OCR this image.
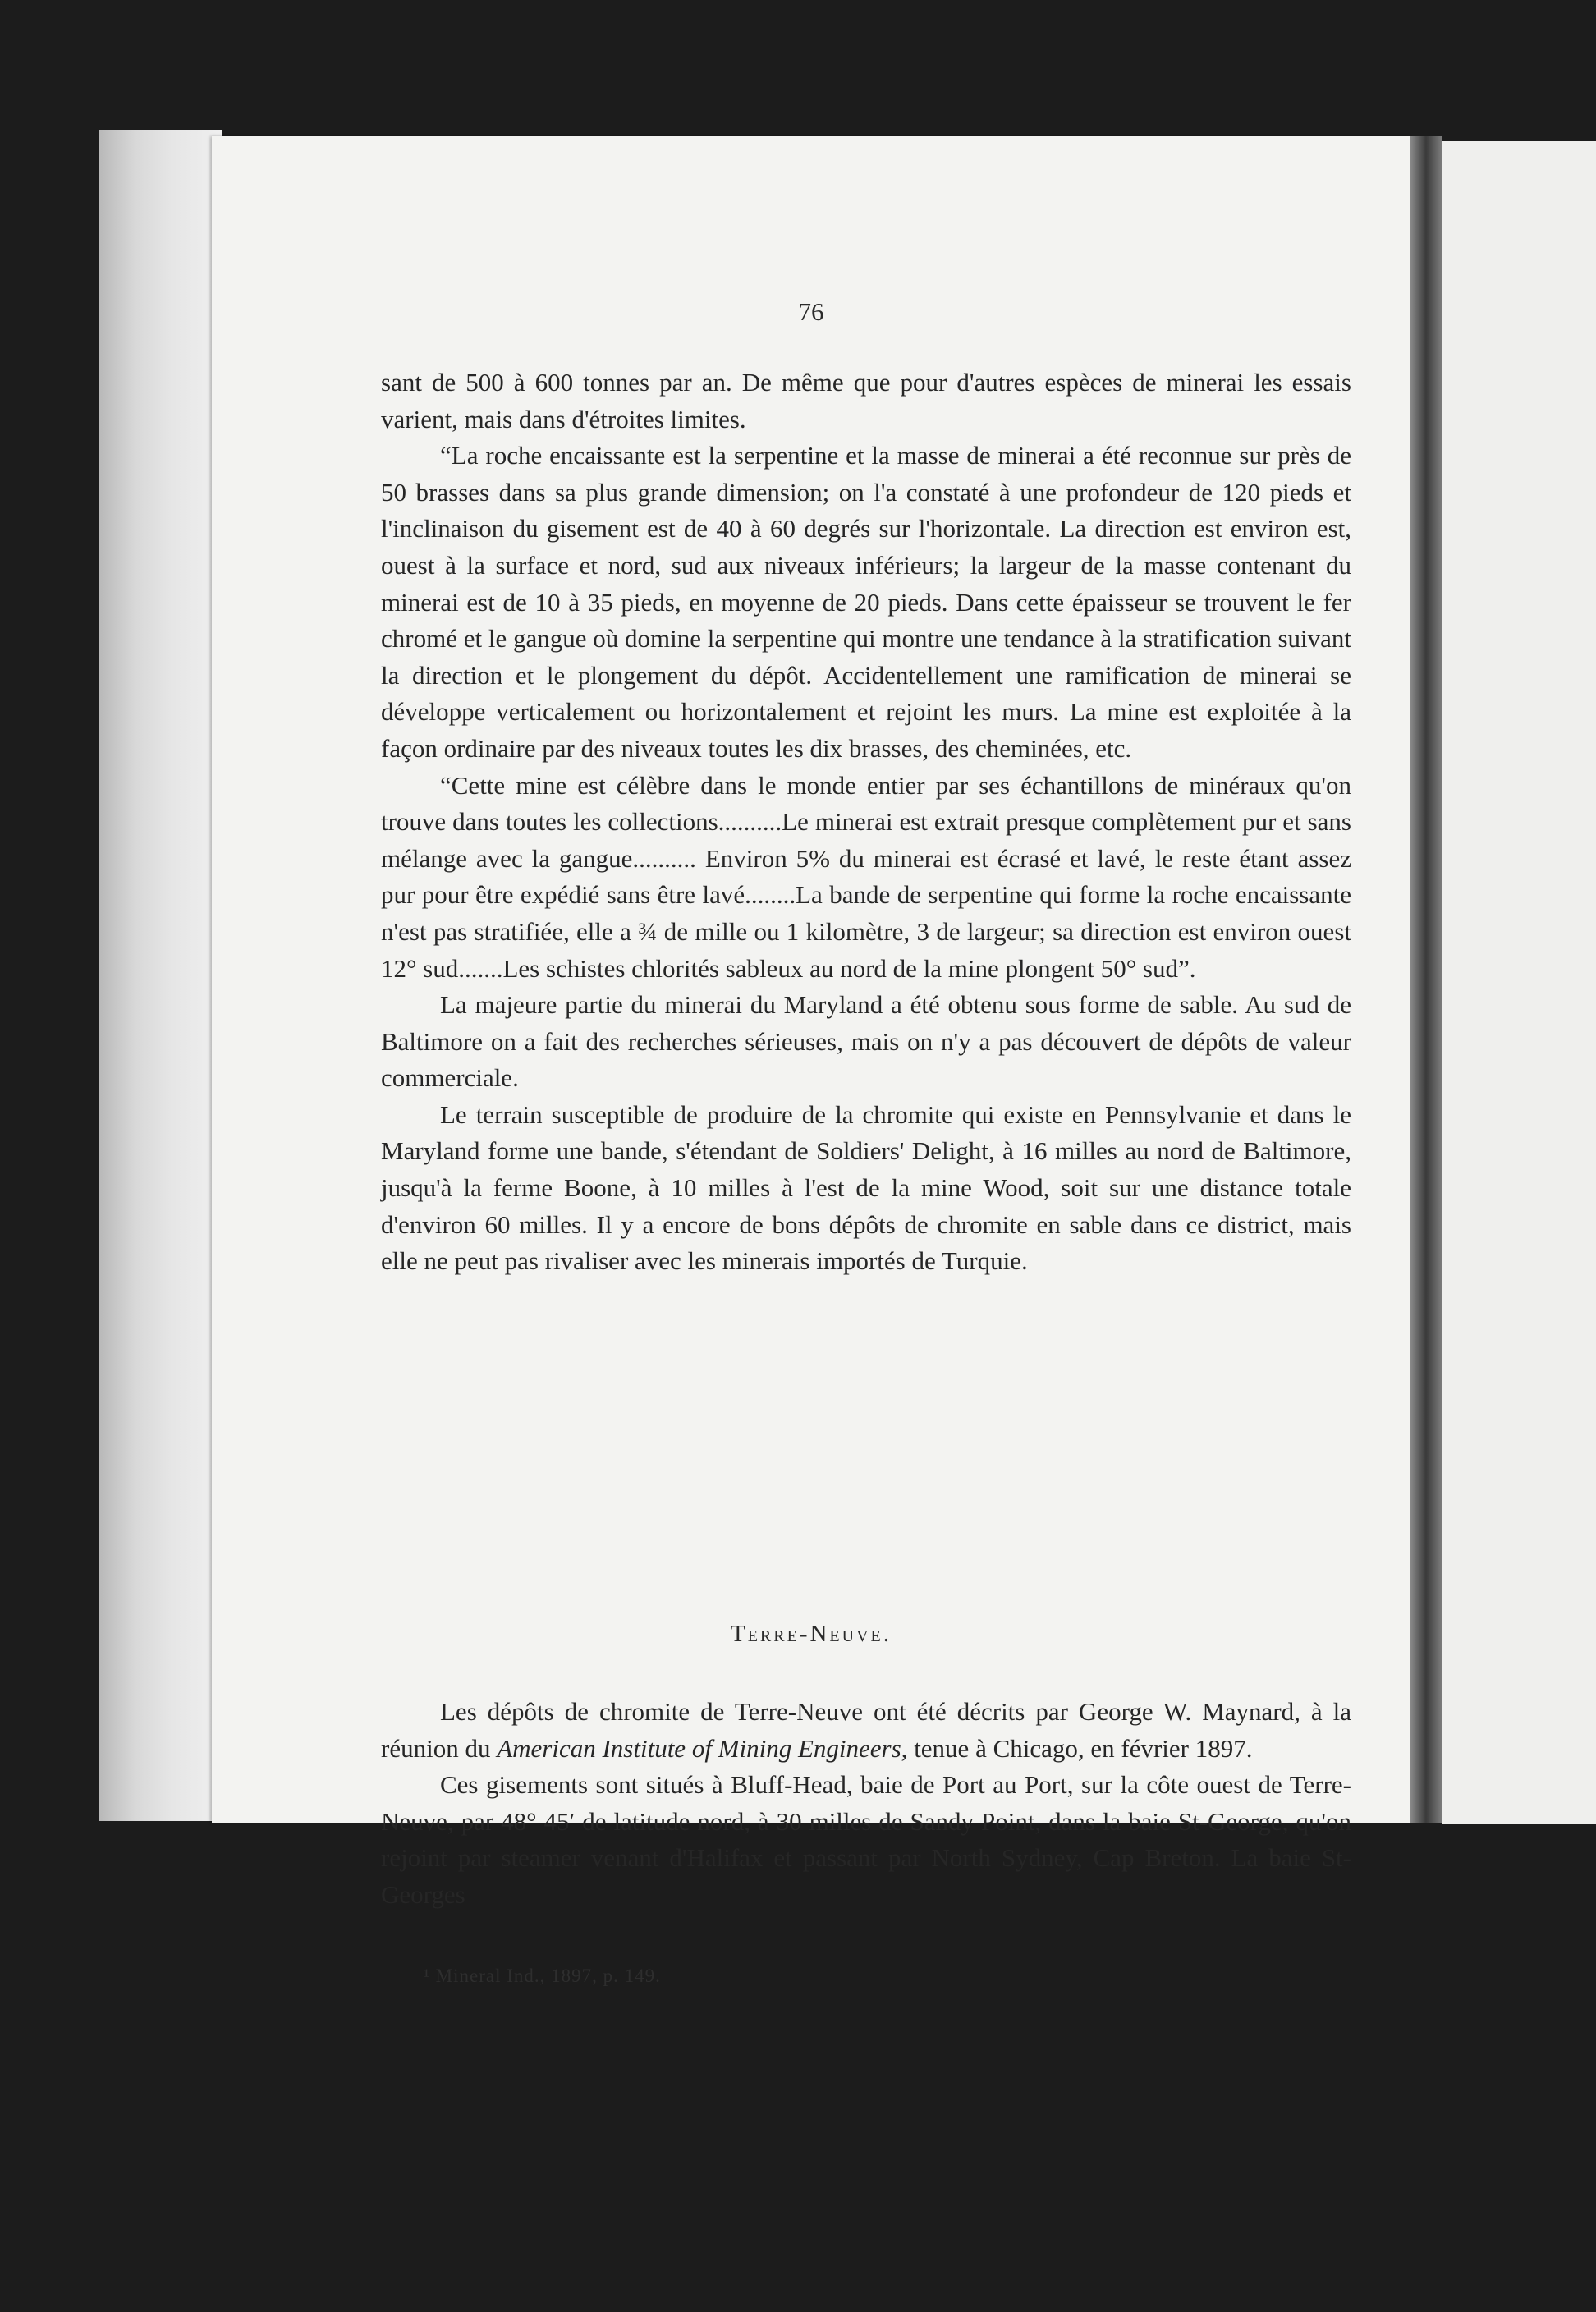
76

sant de 500 à 600 tonnes par an. De même que pour d'autres espèces de minerai les essais varient, mais dans d'étroites limites.

“La roche encaissante est la serpentine et la masse de minerai a été reconnue sur près de 50 brasses dans sa plus grande dimension; on l'a constaté à une profondeur de 120 pieds et l'inclinaison du gisement est de 40 à 60 degrés sur l'horizontale. La direction est environ est, ouest à la surface et nord, sud aux niveaux inférieurs; la largeur de la masse contenant du minerai est de 10 à 35 pieds, en moyenne de 20 pieds. Dans cette épaisseur se trouvent le fer chromé et le gangue où domine la serpentine qui montre une tendance à la stratification suivant la direction et le plongement du dépôt. Accidentellement une ramification de minerai se développe verticalement ou horizontalement et rejoint les murs. La mine est exploitée à la façon ordinaire par des niveaux toutes les dix brasses, des cheminées, etc.

“Cette mine est célèbre dans le monde entier par ses échantillons de minéraux qu'on trouve dans toutes les collections..........Le minerai est extrait presque complètement pur et sans mélange avec la gangue.......... Environ 5% du minerai est écrasé et lavé, le reste étant assez pur pour être expédié sans être lavé........La bande de serpentine qui forme la roche encaissante n'est pas stratifiée, elle a ¾ de mille ou 1 kilomètre, 3 de largeur; sa direction est environ ouest 12° sud.......Les schistes chlorités sableux au nord de la mine plongent 50° sud”.

La majeure partie du minerai du Maryland a été obtenu sous forme de sable. Au sud de Baltimore on a fait des recherches sérieuses, mais on n'y a pas découvert de dépôts de valeur commerciale.

Le terrain susceptible de produire de la chromite qui existe en Pennsylvanie et dans le Maryland forme une bande, s'étendant de Soldiers' Delight, à 16 milles au nord de Baltimore, jusqu'à la ferme Boone, à 10 milles à l'est de la mine Wood, soit sur une distance totale d'environ 60 milles. Il y a encore de bons dépôts de chromite en sable dans ce district, mais elle ne peut pas rivaliser avec les minerais importés de Turquie.

Terre-Neuve.

Les dépôts de chromite de Terre-Neuve ont été décrits par George W. Maynard, à la réunion du American Institute of Mining Engineers, tenue à Chicago, en février 1897.

Ces gisements sont situés à Bluff-Head, baie de Port au Port, sur la côte ouest de Terre-Neuve, par 48° 45′ de latitude nord, à 30 milles de Sandy Point, dans la baie St-George, qu'on rejoint par steamer venant d'Halifax et passant par North Sydney, Cap Breton. La baie St-Georges

¹ Mineral Ind., 1897, p. 149.
